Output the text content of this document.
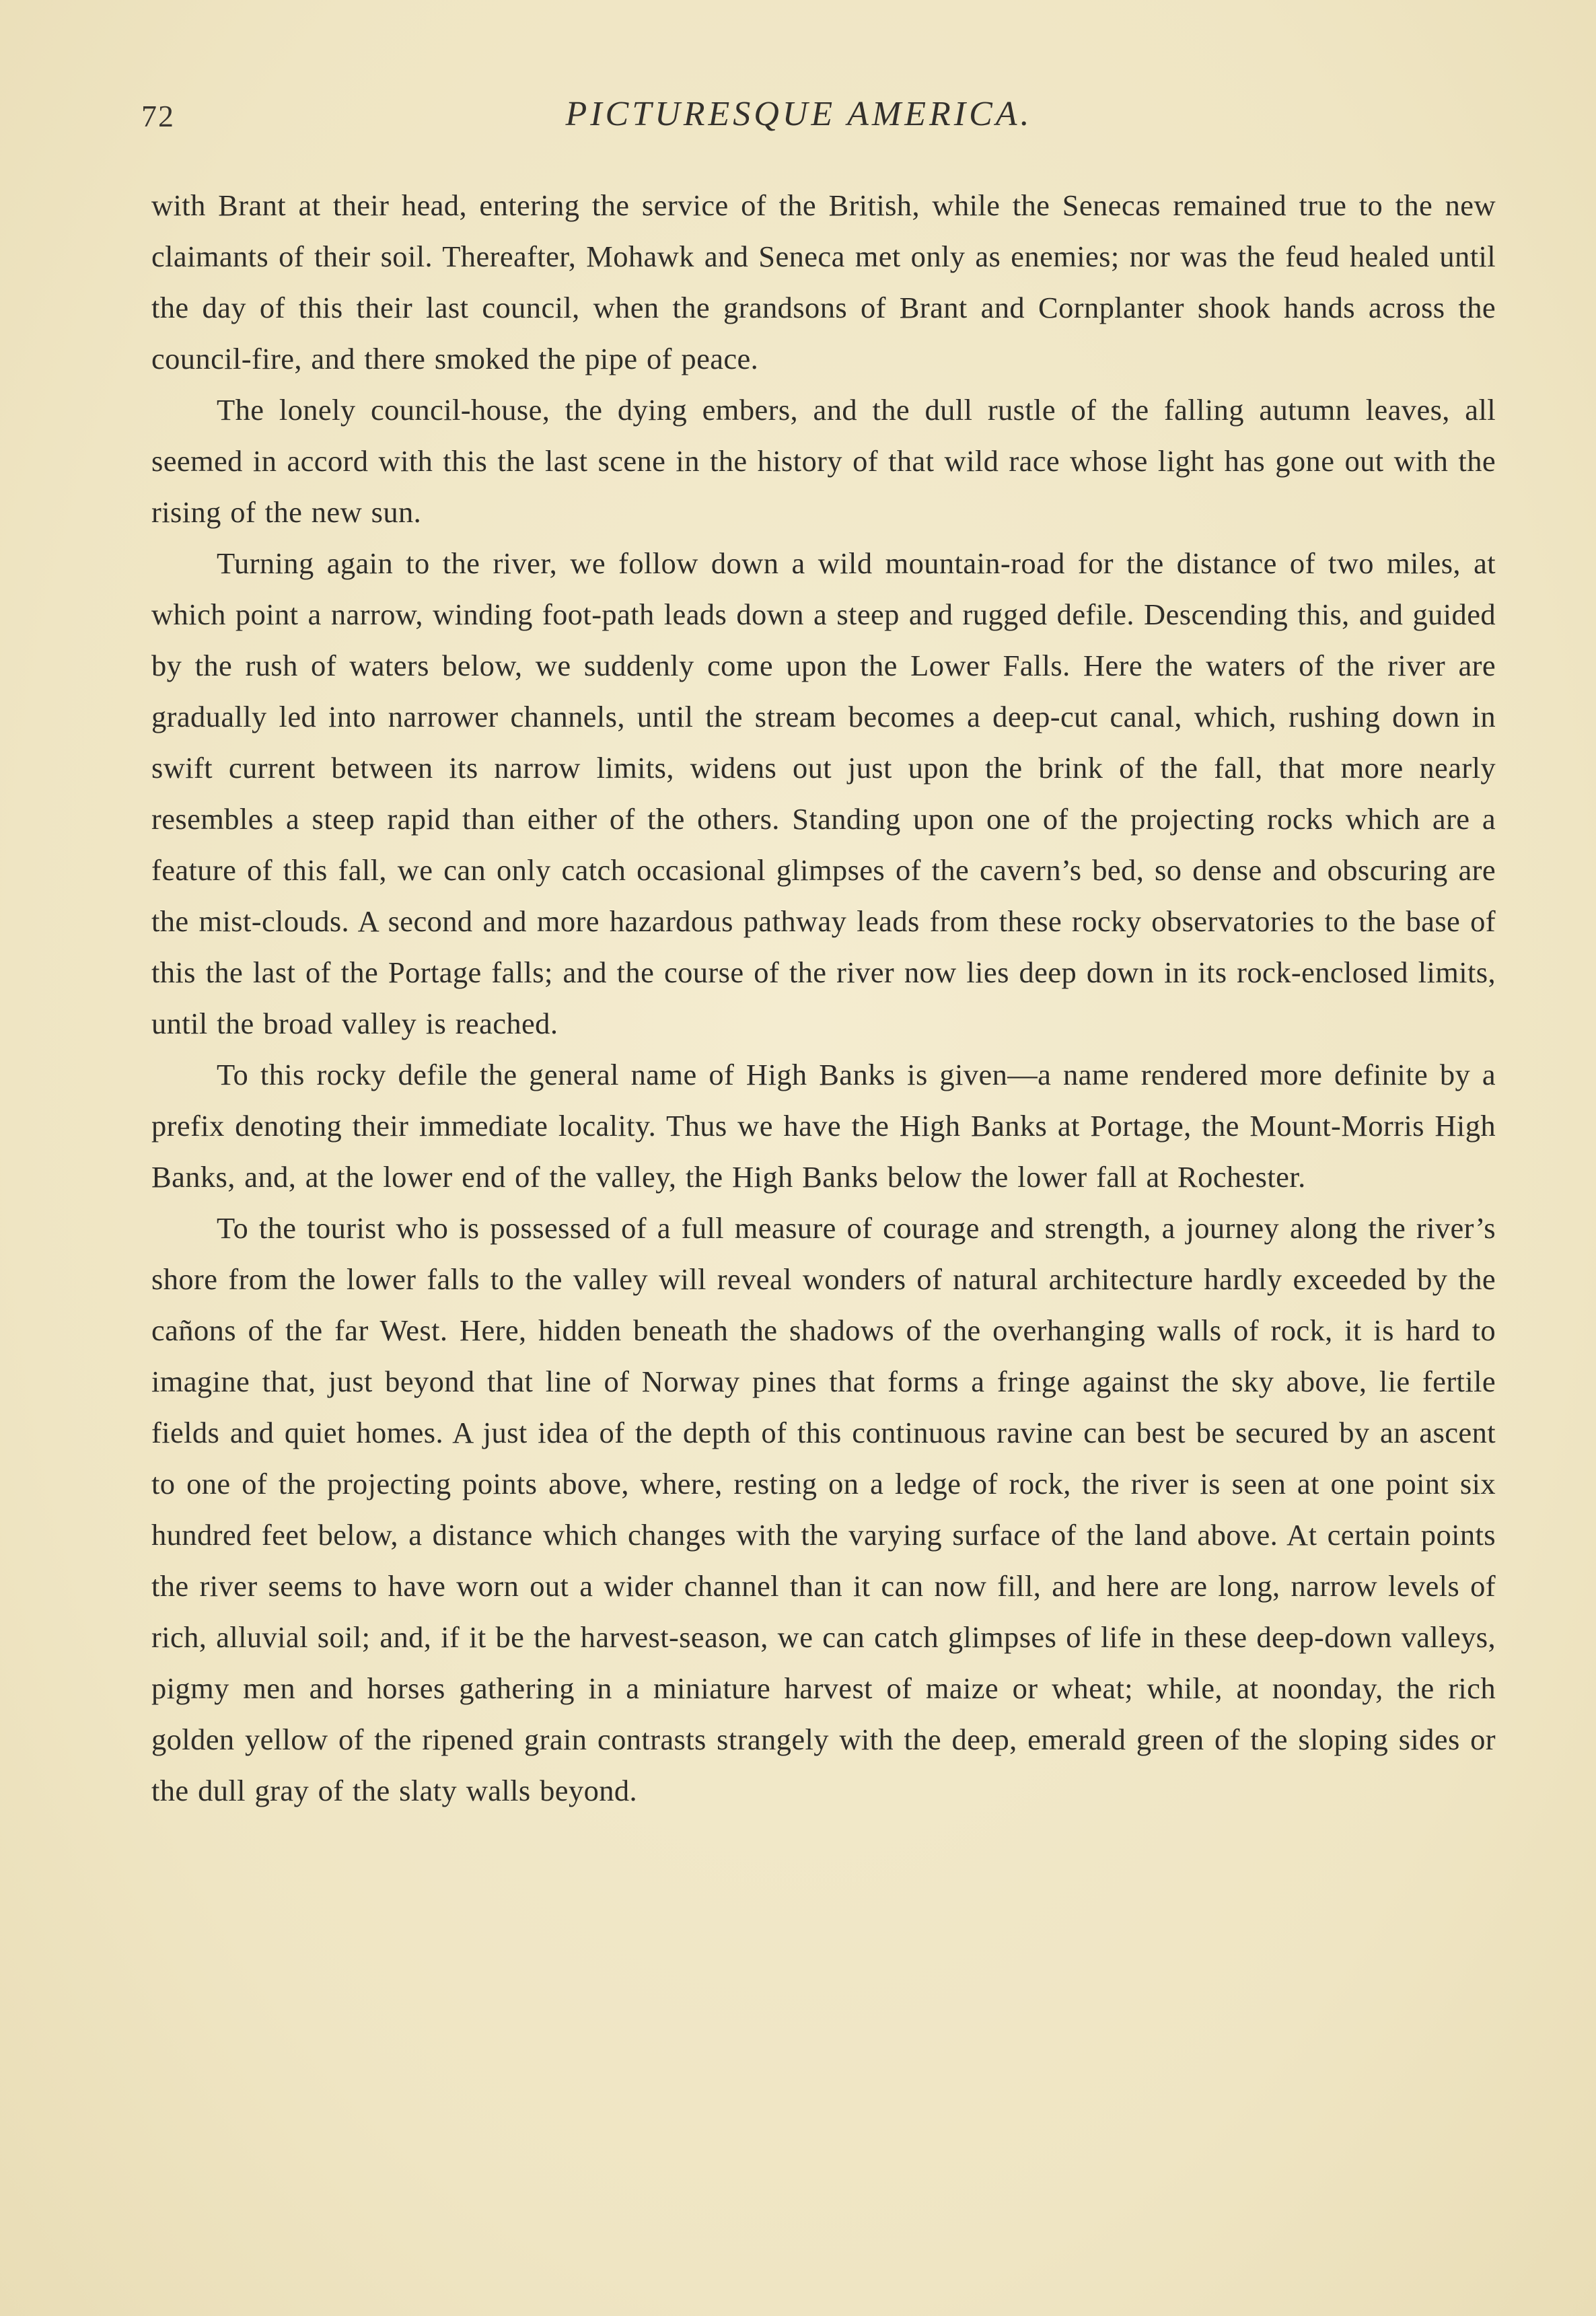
72	PICTURESQUE AMERICA.

with Brant at their head, entering the service of the British, while the Senecas remained true to the new claimants of their soil. Thereafter, Mohawk and Seneca met only as enemies; nor was the feud healed until the day of this their last council, when the grandsons of Brant and Cornplanter shook hands across the council-fire, and there smoked the pipe of peace.

The lonely council-house, the dying embers, and the dull rustle of the falling autumn leaves, all seemed in accord with this the last scene in the history of that wild race whose light has gone out with the rising of the new sun.

Turning again to the river, we follow down a wild mountain-road for the distance of two miles, at which point a narrow, winding foot-path leads down a steep and rugged defile. Descending this, and guided by the rush of waters below, we suddenly come upon the Lower Falls. Here the waters of the river are gradually led into narrower channels, until the stream becomes a deep-cut canal, which, rushing down in swift current between its narrow limits, widens out just upon the brink of the fall, that more nearly resembles a steep rapid than either of the others. Standing upon one of the projecting rocks which are a feature of this fall, we can only catch occasional glimpses of the cavern’s bed, so dense and obscuring are the mist-clouds. A second and more hazardous pathway leads from these rocky observatories to the base of this the last of the Portage falls; and the course of the river now lies deep down in its rock-enclosed limits, until the broad valley is reached.

To this rocky defile the general name of High Banks is given—a name rendered more definite by a prefix denoting their immediate locality. Thus we have the High Banks at Portage, the Mount-Morris High Banks, and, at the lower end of the valley, the High Banks below the lower fall at Rochester.

To the tourist who is possessed of a full measure of courage and strength, a journey along the river’s shore from the lower falls to the valley will reveal wonders of natural architecture hardly exceeded by the cañons of the far West. Here, hidden beneath the shadows of the overhanging walls of rock, it is hard to imagine that, just beyond that line of Norway pines that forms a fringe against the sky above, lie fertile fields and quiet homes. A just idea of the depth of this continuous ravine can best be secured by an ascent to one of the projecting points above, where, resting on a ledge of rock, the river is seen at one point six hundred feet below, a distance which changes with the varying surface of the land above. At certain points the river seems to have worn out a wider channel than it can now fill, and here are long, narrow levels of rich, alluvial soil; and, if it be the harvest-season, we can catch glimpses of life in these deep-down valleys, pigmy men and horses gathering in a miniature harvest of maize or wheat; while, at noonday, the rich golden yellow of the ripened grain contrasts strangely with the deep, emerald green of the sloping sides or the dull gray of the slaty walls beyond.
